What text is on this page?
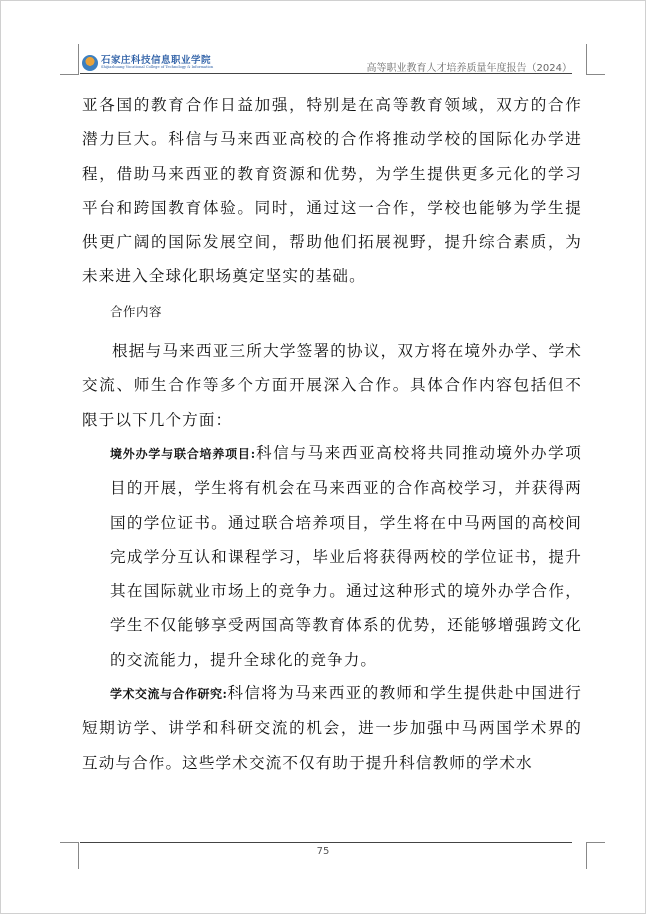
石家庄科技信息职业学院
Shijiazhuang Vocational College of Technology & Information	高等职业教育人才培养质量年度报告（2024）

亚各国的教育合作日益加强，特别是在高等教育领域，双方的合作潜力巨大。科信与马来西亚高校的合作将推动学校的国际化办学进程，借助马来西亚的教育资源和优势，为学生提供更多元化的学习平台和跨国教育体验。同时，通过这一合作，学校也能够为学生提供更广阔的国际发展空间，帮助他们拓展视野，提升综合素质，为未来进入全球化职场奠定坚实的基础。

合作内容

根据与马来西亚三所大学签署的协议，双方将在境外办学、学术交流、师生合作等多个方面开展深入合作。具体合作内容包括但不限于以下几个方面：

境外办学与联合培养项目:科信与马来西亚高校将共同推动境外办学项目的开展，学生将有机会在马来西亚的合作高校学习，并获得两国的学位证书。通过联合培养项目，学生将在中马两国的高校间完成学分互认和课程学习，毕业后将获得两校的学位证书，提升其在国际就业市场上的竞争力。通过这种形式的境外办学合作，学生不仅能够享受两国高等教育体系的优势，还能够增强跨文化的交流能力，提升全球化的竞争力。

学术交流与合作研究:科信将为马来西亚的教师和学生提供赴中国进行短期访学、讲学和科研交流的机会，进一步加强中马两国学术界的互动与合作。这些学术交流不仅有助于提升科信教师的学术水

75
